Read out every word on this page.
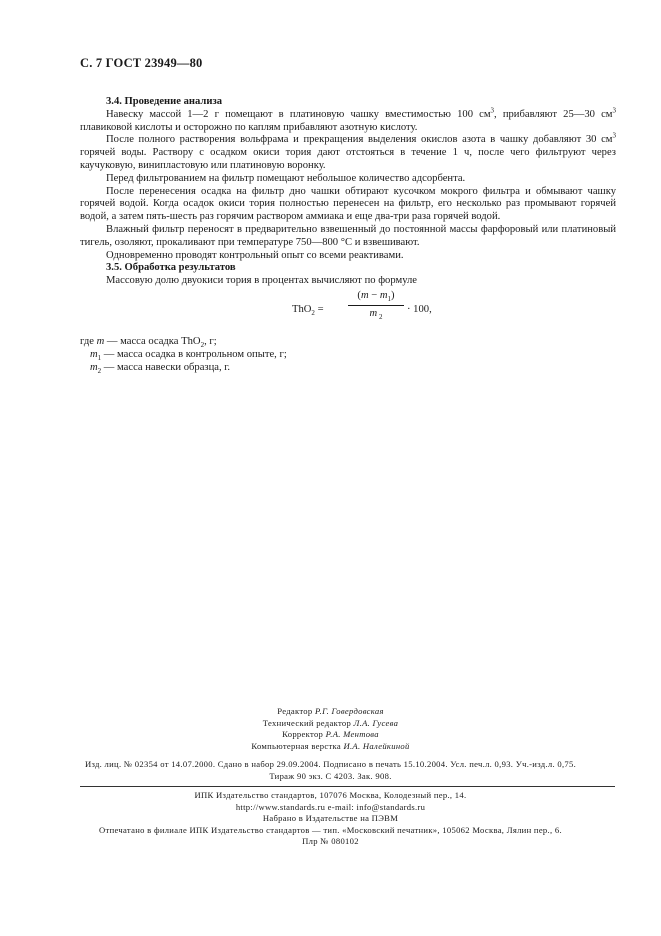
С. 7 ГОСТ 23949—80

3.4. Проведение анализа

Навеску массой 1—2 г помещают в платиновую чашку вместимостью 100 $см^3$, прибавляют 25—30 $см^3$ плавиковой кислоты и осторожно по каплям прибавляют азотную кислоту.

После полного растворения вольфрама и прекращения выделения окислов азота в чашку добавляют 30 $см^3$ горячей воды. Раствору с осадком окиси тория дают отстояться в течение 1 ч, после чего фильтруют через каучуковую, винипластовую или платиновую воронку.

Перед фильтрованием на фильтр помещают небольшое количество адсорбента.

После перенесения осадка на фильтр дно чашки обтирают кусочком мокрого фильтра и обмывают чашку горячей водой. Когда осадок окиси тория полностью перенесен на фильтр, его несколько раз промывают горячей водой, а затем пять-шесть раз горячим раствором аммиака и еще два-три раза горячей водой.

Влажный фильтр переносят в предварительно взвешенный до постоянной массы фарфоровый или платиновый тигель, озоляют, прокаливают при температуре 750—800 °С и взвешивают.

Одновременно проводят контрольный опыт со всеми реактивами.

3.5. Обработка результатов

Массовую долю двуокиси тория в процентах вычисляют по формуле

$ThO_2 = \frac{(m - m_1)}{m _2} \cdot 100$,

где m — масса осадка ThO$_2$, г;

$m_1$ — масса осадка в контрольном опыте, г;

$m_2$ — масса навески образца, г.

Редактор Р.Г. Говердовская
Технический редактор Л.А. Гусева
Корректор Р.А. Ментова
Компьютерная верстка И.А. Налейкиной
Изд. лиц. № 02354 от 14.07.2000. Сдано в набор 29.09.2004. Подписано в печать 15.10.2004. Усл. печ.л. 0,93. Уч.-изд.л. 0,75.
Тираж 90 экз. С 4203. Зак. 908.
ИПК Издательство стандартов, 107076 Москва, Колодезный пер., 14.
http://www.standards.ru e-mail: info@standards.ru
Набрано в Издательстве на ПЭВМ
Отпечатано в филиале ИПК Издательство стандартов — тип. «Московский печатник», 105062 Москва, Лялин пер., 6.
Плр № 080102
